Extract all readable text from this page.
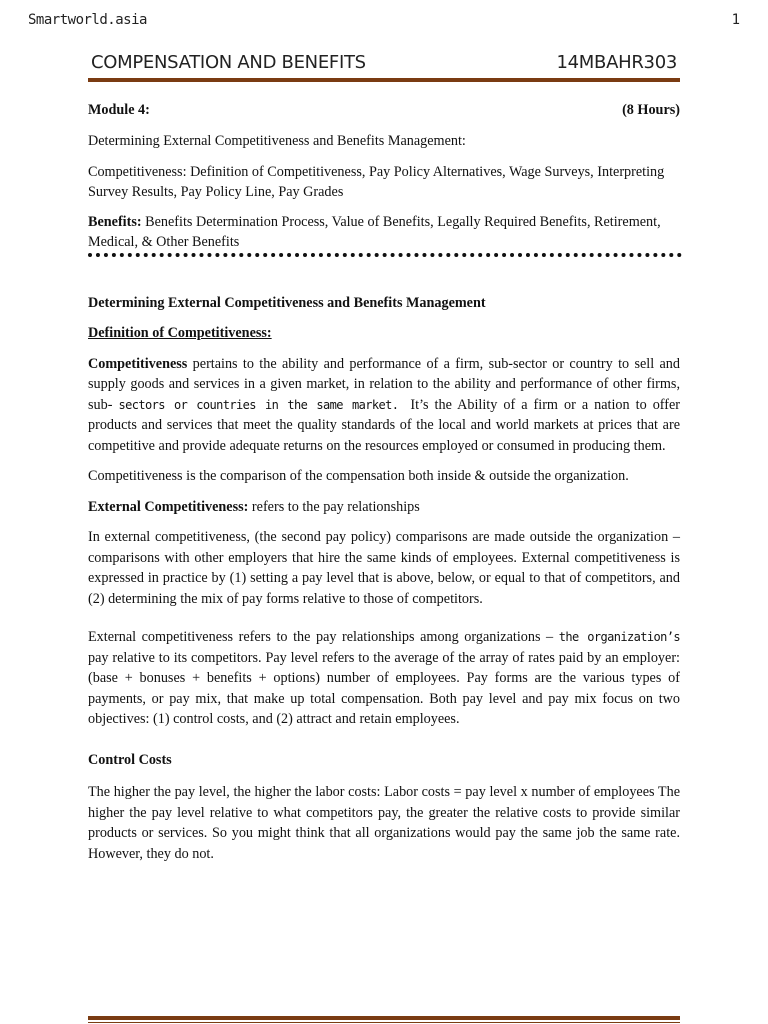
Smartworld.asia	1
COMPENSATION AND BENEFITS	14MBAHR303
Module 4:	(8 Hours)

Determining External Competitiveness and Benefits Management:

Competitiveness: Definition of Competitiveness, Pay Policy Alternatives, Wage Surveys, Interpreting Survey Results, Pay Policy Line, Pay Grades

Benefits: Benefits Determination Process, Value of Benefits, Legally Required Benefits, Retirement, Medical, & Other Benefits

Determining External Competitiveness and Benefits Management

Definition of Competitiveness:

Competitiveness pertains to the ability and performance of a firm, sub-sector or country to sell and supply goods and services in a given market, in relation to the ability and performance of other firms, sub- sectors or countries in the same market. It’s the Ability of a firm or a nation to offer products and services that meet the quality standards of the local and world markets at prices that are competitive and provide adequate returns on the resources employed or consumed in producing them.

Competitiveness is the comparison of the compensation both inside & outside the organization.

External Competitiveness: refers to the pay relationships

In external competitiveness, (the second pay policy) comparisons are made outside the organization – comparisons with other employers that hire the same kinds of employees. External competitiveness is expressed in practice by (1) setting a pay level that is above, below, or equal to that of competitors, and (2) determining the mix of pay forms relative to those of competitors.

External competitiveness refers to the pay relationships among organizations – the organization’s pay relative to its competitors. Pay level refers to the average of the array of rates paid by an employer: (base + bonuses + benefits + options) number of employees. Pay forms are the various types of payments, or pay mix, that make up total compensation. Both pay level and pay mix focus on two objectives: (1) control costs, and (2) attract and retain employees.

Control Costs

The higher the pay level, the higher the labor costs: Labor costs = pay level x number of employees The higher the pay level relative to what competitors pay, the greater the relative costs to provide similar products or services. So you might think that all organizations would pay the same job the same rate. However, they do not.
